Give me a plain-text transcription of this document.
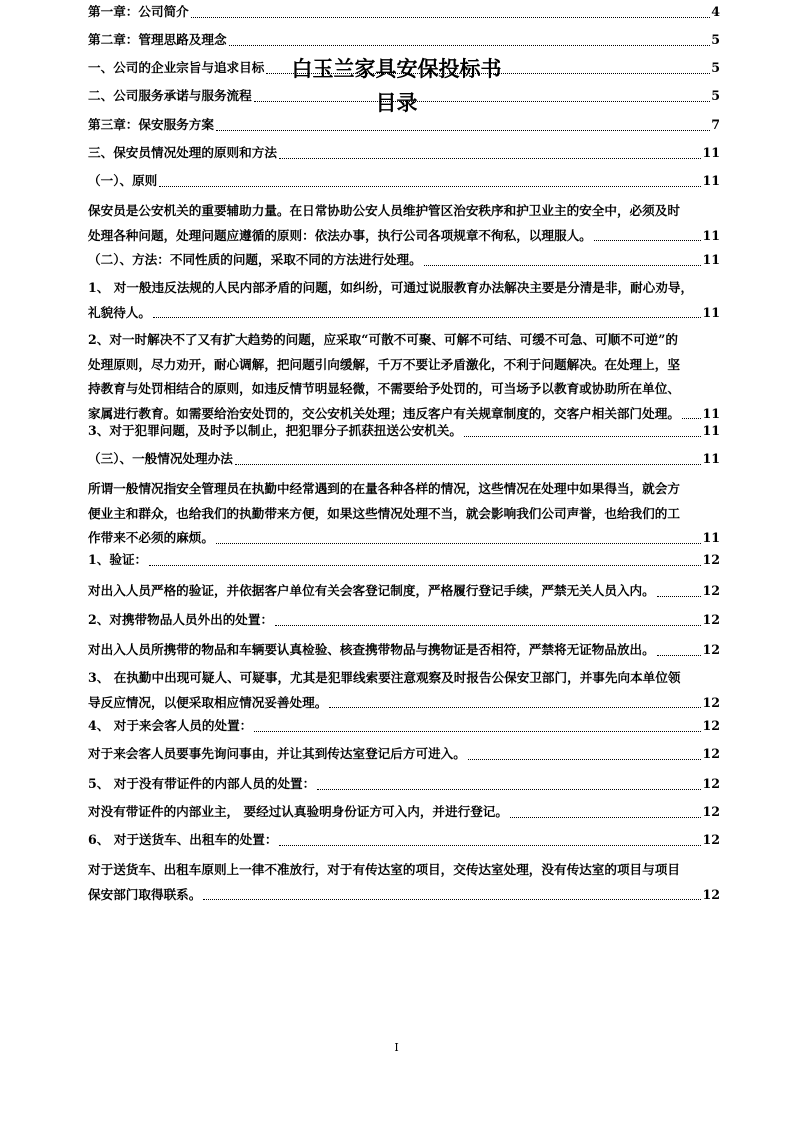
白玉兰家具安保投标书
目录
第一章：公司简介	4
第二章：管理思路及理念	5
一、公司的企业宗旨与追求目标	5
二、公司服务承诺与服务流程	5
第三章：保安服务方案	7
三、保安员情况处理的原则和方法	11
（一）、原则	11
保安员是公安机关的重要辅助力量。在日常协助公安人员维护管区治安秩序和护卫业主的安全中，必须及时
处理各种问题，处理问题应遵循的原则：依法办事，执行公司各项规章不徇私，以理服人。	11
（二）、方法：不同性质的问题，采取不同的方法进行处理。	11
1、 对一般违反法规的人民内部矛盾的问题，如纠纷，可通过说服教育办法解决主要是分清是非，耐心劝导，
礼貌待人。	11
2、对一时解决不了又有扩大趋势的问题，应采取“可散不可聚、可解不可结、可缓不可急、可顺不可逆”的
处理原则，尽力劝开，耐心调解，把问题引向缓解，千万不要让矛盾激化，不利于问题解决。在处理上，坚
持教育与处罚相结合的原则，如违反情节明显轻微，不需要给予处罚的，可当场予以教育或协助所在单位、
家属进行教育。如需要给治安处罚的，交公安机关处理；违反客户有关规章制度的，交客户相关部门处理。 11
3、对于犯罪问题，及时予以制止，把犯罪分子抓获扭送公安机关。	11
（三）、一般情况处理办法	11
所谓一般情况指安全管理员在执勤中经常遇到的在量各种各样的情况，这些情况在处理中如果得当，就会方
便业主和群众，也给我们的执勤带来方便，如果这些情况处理不当，就会影响我们公司声誉，也给我们的工
作带来不必须的麻烦。	11
1、验证：	12
对出入人员严格的验证，并依据客户单位有关会客登记制度，严格履行登记手续，严禁无关人员入内。	12
2、对携带物品人员外出的处置：	12
对出入人员所携带的物品和车辆要认真检验、核查携带物品与携物证是否相符，严禁将无证物品放出。	12
3、 在执勤中出现可疑人、可疑事，尤其是犯罪线索要注意观察及时报告公保安卫部门，并事先向本单位领
导反应情况，以便采取相应情况妥善处理。	12
4、 对于来会客人员的处置：	12
对于来会客人员要事先询问事由，并让其到传达室登记后方可进入。	12
5、 对于没有带证件的内部人员的处置：	12
对没有带证件的内部业主， 要经过认真验明身份证方可入内，并进行登记。	12
6、 对于送货车、出租车的处置：	12
对于送货车、出租车原则上一律不准放行，对于有传达室的项目，交传达室处理，没有传达室的项目与项目
保安部门取得联系。	12
I
